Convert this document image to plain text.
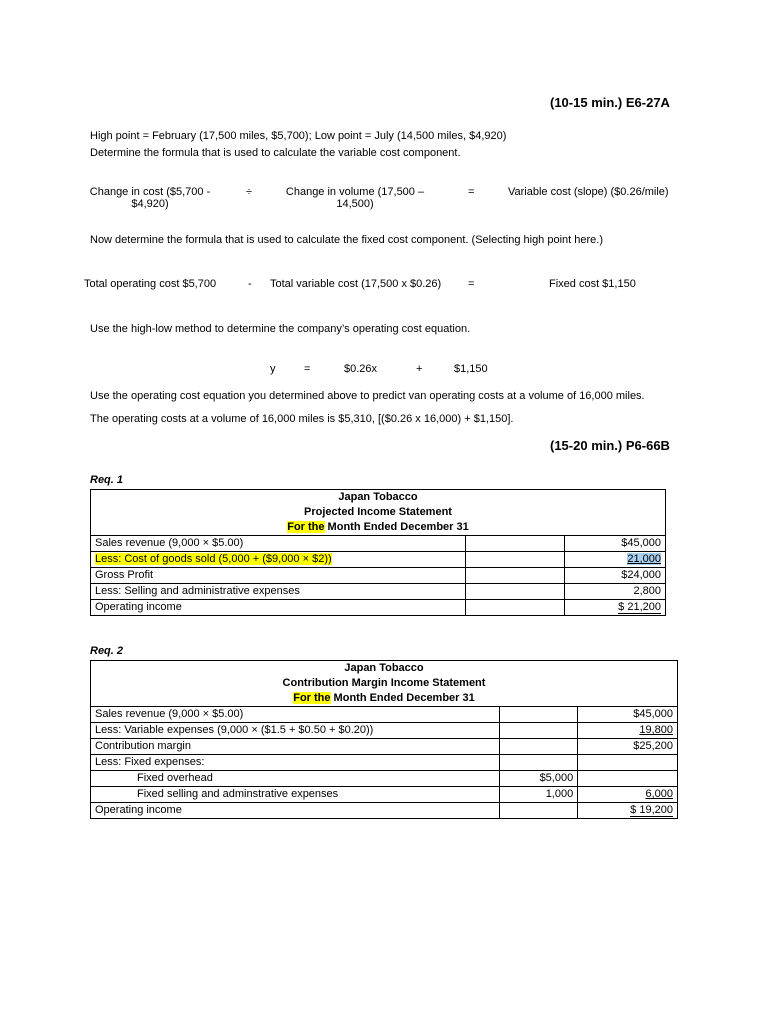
(10-15 min.) E6-27A
High point = February (17,500 miles, $5,700); Low point = July (14,500 miles, $4,920)
Determine the formula that is used to calculate the variable cost component.
Change in cost ($5,700 -
$4,920)
÷	Change in volume (17,500 –
14,500)
=	Variable cost (slope) ($0.26/mile)
Now determine the formula that is used to calculate the fixed cost component. (Selecting high point here.)
Total operating cost $5,700	- Total variable cost (17,500 x $0.26) =	Fixed cost $1,150
Use the high-low method to determine the company’s operating cost equation.
y	=	$0.26x	+	$1,150
Use the operating cost equation you determined above to predict van operating costs at a volume of 16,000 miles.
The operating costs at a volume of 16,000 miles is $5,310, [($0.26 x 16,000) + $1,150].
(15-20 min.) P6-66B
Req. 1
Japan Tobacco		
Projected Income Statement		
For the Month Ended December 31		
Sales revenue (9,000 × $5.00)		$45,000
Less: Cost of goods sold (5,000 + ($9,000 × $2))		21,000
Gross Profit		$24,000
Less: Selling and administrative expenses		2,800
Operating income		$ 21,200
Req. 2
Japan Tobacco		
Contribution Margin Income Statement		
For the Month Ended December 31		
Sales revenue (9,000 × $5.00)		$45,000
Less: Variable expenses (9,000 × ($1.5 + $0.50 + $0.20))		19,800
Contribution margin		$25,200
Less: Fixed expenses:		
Fixed overhead	$5,000	
Fixed selling and adminstrative expenses	1,000	6,000
Operating income		$ 19,200
